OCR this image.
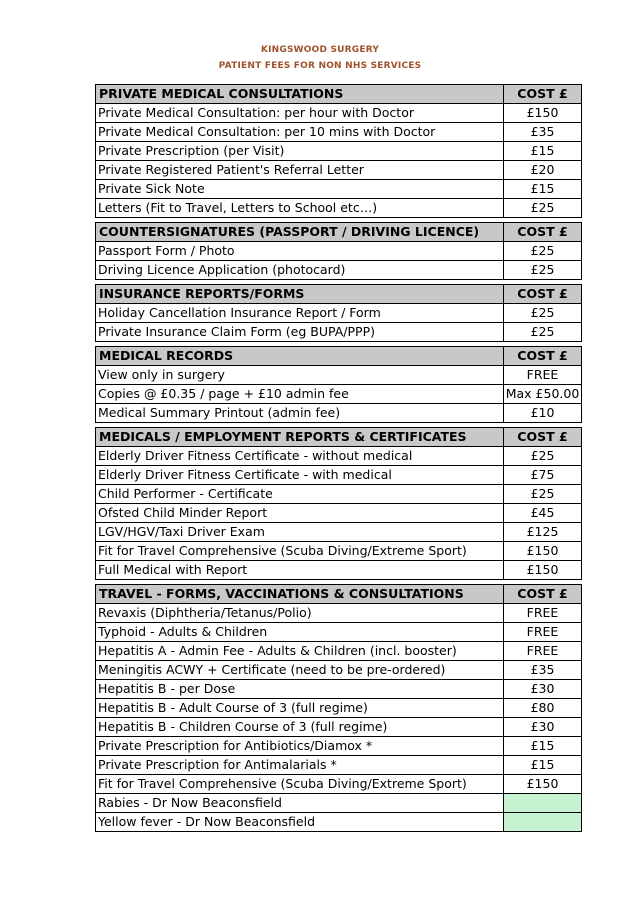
KINGSWOOD SURGERY
PATIENT FEES FOR NON NHS SERVICES
PRIVATE MEDICAL CONSULTATIONS	COST £
Private Medical Consultation: per hour with Doctor	£150
Private Medical Consultation: per 10 mins with Doctor	£35
Private Prescription (per Visit)	£15
Private Registered Patient's Referral Letter	£20
Private Sick Note	£15
Letters (Fit to Travel, Letters to School etc…)	£25
COUNTERSIGNATURES (PASSPORT / DRIVING LICENCE)	COST £
Passport Form / Photo	£25
Driving Licence Application (photocard)	£25
INSURANCE REPORTS/FORMS	COST £
Holiday Cancellation Insurance Report / Form	£25
Private Insurance Claim Form (eg BUPA/PPP)	£25
MEDICAL RECORDS	COST £
View only in surgery	FREE
Copies @ £0.35 / page + £10 admin fee	Max £50.00
Medical Summary Printout (admin fee)	£10
MEDICALS / EMPLOYMENT REPORTS & CERTIFICATES	COST £
Elderly Driver Fitness Certificate - without medical	£25
Elderly Driver Fitness Certificate - with medical	£75
Child Performer - Certificate	£25
Ofsted Child Minder Report	£45
LGV/HGV/Taxi Driver Exam	£125
Fit for Travel Comprehensive (Scuba Diving/Extreme Sport)	£150
Full Medical with Report	£150
TRAVEL - FORMS, VACCINATIONS & CONSULTATIONS	COST £
Revaxis (Diphtheria/Tetanus/Polio)	FREE
Typhoid - Adults & Children	FREE
Hepatitis A - Admin Fee - Adults & Children (incl. booster)	FREE
Meningitis ACWY + Certificate (need to be pre-ordered)	£35
Hepatitis B - per Dose	£30
Hepatitis B - Adult Course of 3 (full regime)	£80
Hepatitis B - Children Course of 3 (full regime)	£30
Private Prescription for Antibiotics/Diamox *	£15
Private Prescription for Antimalarials *	£15
Fit for Travel Comprehensive (Scuba Diving/Extreme Sport)	£150
Rabies - Dr Now Beaconsfield
Yellow fever - Dr Now Beaconsfield
